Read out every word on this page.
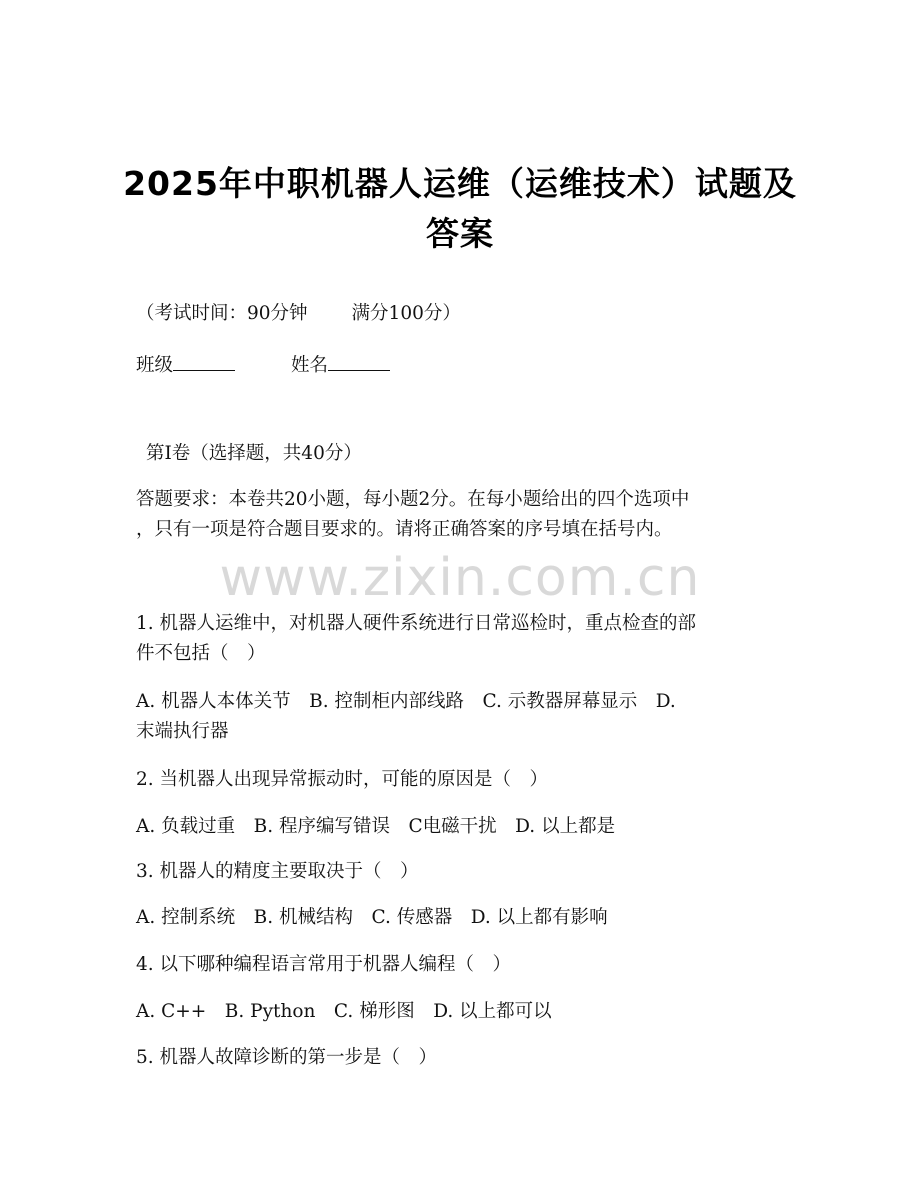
2025年中职机器人运维（运维技术）试题及
答案
（考试时间：90分钟 满分100分）
班级	姓名
第I卷（选择题，共40分）
答题要求：本卷共20小题，每小题2分。在每小题给出的四个选项中
，只有一项是符合题目要求的。请将正确答案的序号填在括号内。
www.zixin.com.cn
1. 机器人运维中，对机器人硬件系统进行日常巡检时，重点检查的部
件不包括（　）
A. 机器人本体关节　B. 控制柜内部线路　C. 示教器屏幕显示　D.
末端执行器
2. 当机器人出现异常振动时，可能的原因是（　）
A. 负载过重　B. 程序编写错误　C电磁干扰　D. 以上都是
3. 机器人的精度主要取决于（　）
A. 控制系统　B. 机械结构　C. 传感器　D. 以上都有影响
4. 以下哪种编程语言常用于机器人编程（　）
A. C++　B. Python　C. 梯形图　D. 以上都可以
5. 机器人故障诊断的第一步是（　）
